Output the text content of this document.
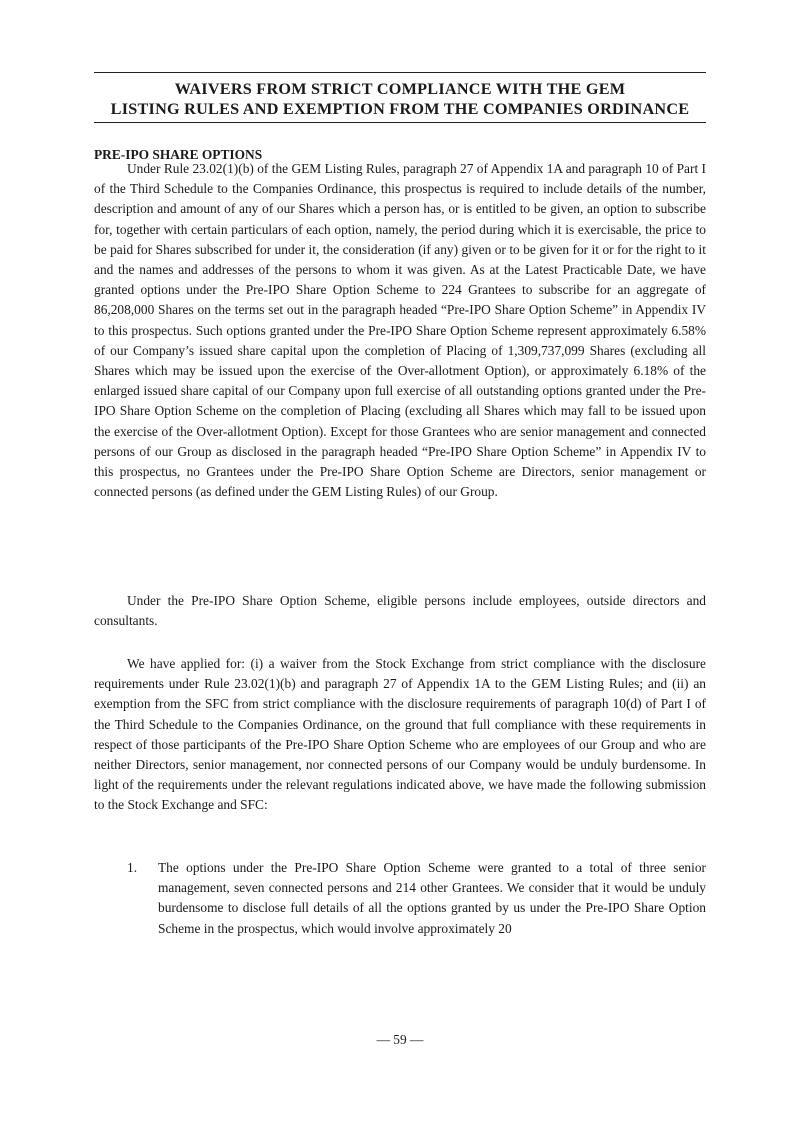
WAIVERS FROM STRICT COMPLIANCE WITH THE GEM
LISTING RULES AND EXEMPTION FROM THE COMPANIES ORDINANCE
PRE-IPO SHARE OPTIONS

Under Rule 23.02(1)(b) of the GEM Listing Rules, paragraph 27 of Appendix 1A and paragraph 10 of Part I of the Third Schedule to the Companies Ordinance, this prospectus is required to include details of the number, description and amount of any of our Shares which a person has, or is entitled to be given, an option to subscribe for, together with certain particulars of each option, namely, the period during which it is exercisable, the price to be paid for Shares subscribed for under it, the consideration (if any) given or to be given for it or for the right to it and the names and addresses of the persons to whom it was given. As at the Latest Practicable Date, we have granted options under the Pre-IPO Share Option Scheme to 224 Grantees to subscribe for an aggregate of 86,208,000 Shares on the terms set out in the paragraph headed “Pre-IPO Share Option Scheme” in Appendix IV to this prospectus. Such options granted under the Pre-IPO Share Option Scheme represent approximately 6.58% of our Company’s issued share capital upon the completion of Placing of 1,309,737,099 Shares (excluding all Shares which may be issued upon the exercise of the Over-allotment Option), or approximately 6.18% of the enlarged issued share capital of our Company upon full exercise of all outstanding options granted under the Pre-IPO Share Option Scheme on the completion of Placing (excluding all Shares which may fall to be issued upon the exercise of the Over-allotment Option). Except for those Grantees who are senior management and connected persons of our Group as disclosed in the paragraph headed “Pre-IPO Share Option Scheme” in Appendix IV to this prospectus, no Grantees under the Pre-IPO Share Option Scheme are Directors, senior management or connected persons (as defined under the GEM Listing Rules) of our Group.

Under the Pre-IPO Share Option Scheme, eligible persons include employees, outside directors and consultants.

We have applied for: (i) a waiver from the Stock Exchange from strict compliance with the disclosure requirements under Rule 23.02(1)(b) and paragraph 27 of Appendix 1A to the GEM Listing Rules; and (ii) an exemption from the SFC from strict compliance with the disclosure requirements of paragraph 10(d) of Part I of the Third Schedule to the Companies Ordinance, on the ground that full compliance with these requirements in respect of those participants of the Pre-IPO Share Option Scheme who are employees of our Group and who are neither Directors, senior management, nor connected persons of our Company would be unduly burdensome. In light of the requirements under the relevant regulations indicated above, we have made the following submission to the Stock Exchange and SFC:

1. The options under the Pre-IPO Share Option Scheme were granted to a total of three senior management, seven connected persons and 214 other Grantees. We consider that it would be unduly burdensome to disclose full details of all the options granted by us under the Pre-IPO Share Option Scheme in the prospectus, which would involve approximately 20

— 59 —
